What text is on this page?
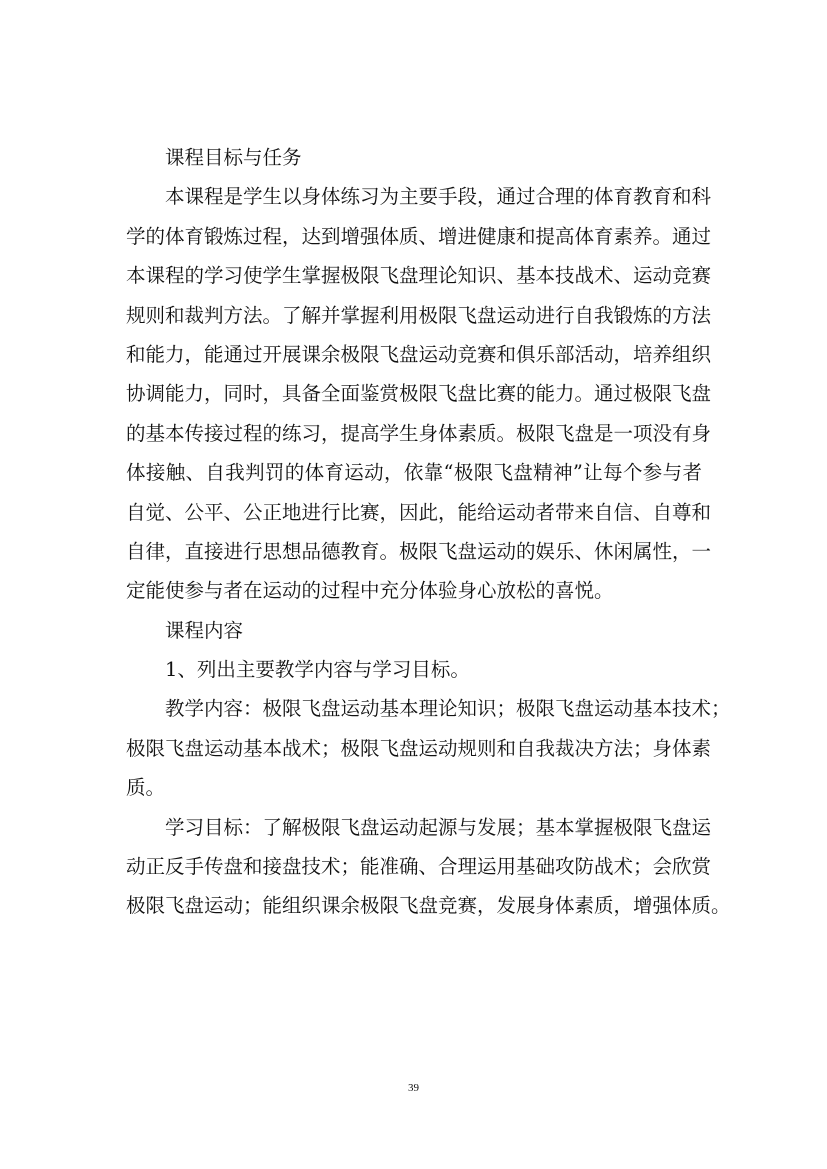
课程目标与任务
本课程是学生以身体练习为主要手段，通过合理的体育教育和科
学的体育锻炼过程，达到增强体质、增进健康和提高体育素养。通过
本课程的学习使学生掌握极限飞盘理论知识、基本技战术、运动竞赛
规则和裁判方法。了解并掌握利用极限飞盘运动进行自我锻炼的方法
和能力，能通过开展课余极限飞盘运动竞赛和俱乐部活动，培养组织
协调能力，同时，具备全面鉴赏极限飞盘比赛的能力。通过极限飞盘
的基本传接过程的练习，提高学生身体素质。极限飞盘是一项没有身
体接触、自我判罚的体育运动，依靠“极限飞盘精神”让每个参与者
自觉、公平、公正地进行比赛，因此，能给运动者带来自信、自尊和
自律，直接进行思想品德教育。极限飞盘运动的娱乐、休闲属性，一
定能使参与者在运动的过程中充分体验身心放松的喜悦。
课程内容
1、列出主要教学内容与学习目标。
教学内容：极限飞盘运动基本理论知识；极限飞盘运动基本技术；
极限飞盘运动基本战术；极限飞盘运动规则和自我裁决方法；身体素
质。
学习目标：了解极限飞盘运动起源与发展；基本掌握极限飞盘运
动正反手传盘和接盘技术；能准确、合理运用基础攻防战术；会欣赏
极限飞盘运动；能组织课余极限飞盘竞赛，发展身体素质，增强体质。
39
